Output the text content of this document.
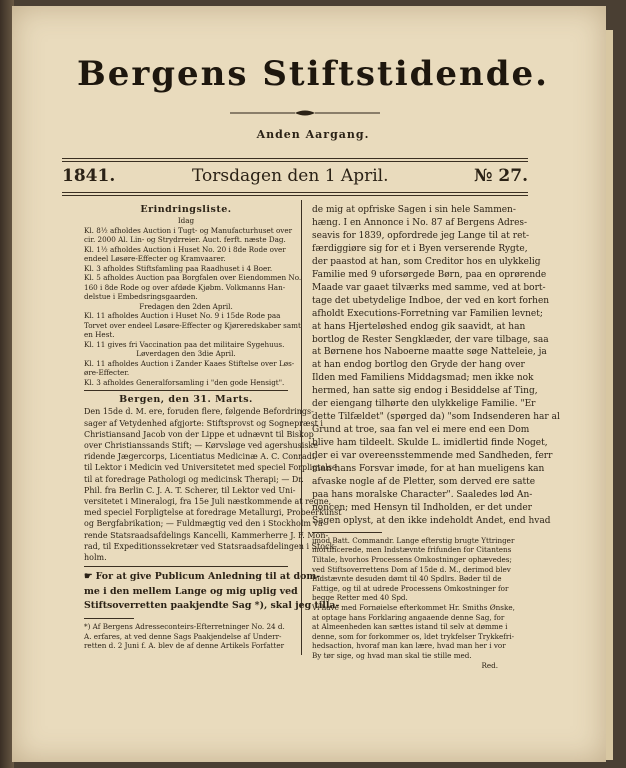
Bergens Stiftstidende.
Anden Aargang.
1841.	Torsdagen den 1 April.	№ 27.
Erindringsliste.
Idag
Kl. 8½ afholdes Auction i Tugt- og Manufacturhuset over
cir. 2000 Al. Lin- og Strydrreier. Auct. ferft. næste Dag.
Kl. 1½ afholdes Auction i Huset No. 20 i 8de Rode over
endeel Løsøre-Effecter og Kramvaarer.
Kl. 3 afholdes Stiftsfamling paa Raadhuset i 4 Boer.
Kl. 5 afholdes Auction paa Borgfalen over Eiendommen No.
160 i 8de Rode og over afdøde Kjøbm. Volkmanns Han-
delstue i Embedsringsgaarden.
Fredagen den 2den April.
Kl. 11 afholdes Auction i Huset No. 9 i 15de Rode paa
Torvet over endeel Løsøre-Effecter og Kjøreredskaber samt
en Hest.
Kl. 11 gives fri Vaccination paa det militaire Sygehuus.
Løverdagen den 3die April.
Kl. 11 afholdes Auction i Zander Kaaes Stiftelse over Løs-
øre-Effecter.
Kl. 3 afholdes Generalforsamling i "den gode Hensigt".
Bergen, den 31. Marts.
Den 15de d. M. ere, foruden flere, følgende Befordrings-
sager af Vetydenhed afgjorte: Stiftsprovst og Sognepræst i
Christiansand Jacob von der Lippe et udnævnt til Biskop
over Christianssands Stift; — Kørvsløge ved agershusiske
ridende Jægercorps, Licentiatus Medicinæ A. C. Conradi,
til Lektor i Medicin ved Universitetet med speciel Forpligtelse
til at foredrage Pathologi og medicinsk Therapi; — Dr.
Phil. fra Berlin C. J. A. T. Scherer, til Lektor ved Uni-
versitetet i Mineralogi, fra 15e Juli næstkommende at regne,
med speciel Forpligtelse at foredrage Metallurgi, Probeerkunst
og Bergfabrikation; — Fuldmægtig ved den i Stockholm va-
rende Statsraadsafdelings Kancelli, Kammerherre J. F. Mon-
rad, til Expeditionssekretær ved Statsraadsafdelingen i Stock-
holm.
☛ For at give Publicum Anledning til at dom-
me i den mellem Lange og mig uplig ved
Stiftsoverretten paakjendte Sag *), skal jeg tilla-
*) Af Bergens Adresseconteirs-Efterretninger No. 24 d.
A. erfares, at ved denne Sags Paakjendelse af Underr-
retten d. 2 Juni f. A. blev de af denne Artikels Forfatter
de mig at opfriske Sagen i sin hele Sammen-
hæng. I en Annonce i No. 87 af Bergens Adres-
seavis for 1839, opfordrede jeg Lange til at ret-
færdiggiøre sig for et i Byen verserende Rygte,
der paastod at han, som Creditor hos en ulykkelig
Familie med 9 uforsørgede Børn, paa en oprørende
Maade var gaaet tilværks med samme, ved at bort-
tage det ubetydelige Indboe, der ved en kort forhen
afholdt Executions-Forretning var Familien levnet;
at hans Hjerteløshed endog gik saavidt, at han
bortlog de Rester Sengklæder, der vare tilbage, saa
at Børnene hos Naboerne maatte søge Natteleie, ja
at han endog bortlog den Gryde der hang over
Ilden med Familiens Middagsmad; men ikke nok
hermed, han satte sig endog i Besiddelse af Ting,
der eiengang tilhørte den ulykkelige Familie. "Er
dette Tilfældet" (spørged da) "som Indsenderen har al
Grund at troe, saa fan vel ei mere end een Dom
blive ham tildeelt. Skulde L. imidlertid finde Noget,
der ei var overeensstemmende med Sandheden, ferr
man hans Forsvar imøde, for at han mueligens kan
afvaske nogle af de Pletter, som derved ere satte
paa hans moralske Character". Saaledes lød An-
noncen; med Hensyn til Indholden, er det under
Sagen oplyst, at den ikke indeholdt Andet, end hvad
imod Batt. Commandr. Lange efterstig brugte Yttringer
mortificerede, men Indstævnte frifunden for Citantens
Tiltale, hvorhos Processens Omkostninger ophævedes;
ved Stiftsoverrettens Dom af 15de d. M., derimod blev
Indstævnte desuden dømt til 40 Spdlrs. Bøder til de
Fattige, og til at udrede Processens Omkostninger for
begge Retter med 40 Spd.
Vi have med Fornøielse efterkommet Hr. Smiths Ønske,
at optage hans Forklaring angaaende denne Sag, for
at Almeenheden kan sættes istand til selv at dømme i
denne, som for forkommer os, ldet trykfelser Trykkefri-
hedsaction, hvoraf man kan lære, hvad man her i vor
By tør sige, og hvad man skal tie stille med.
Red.
